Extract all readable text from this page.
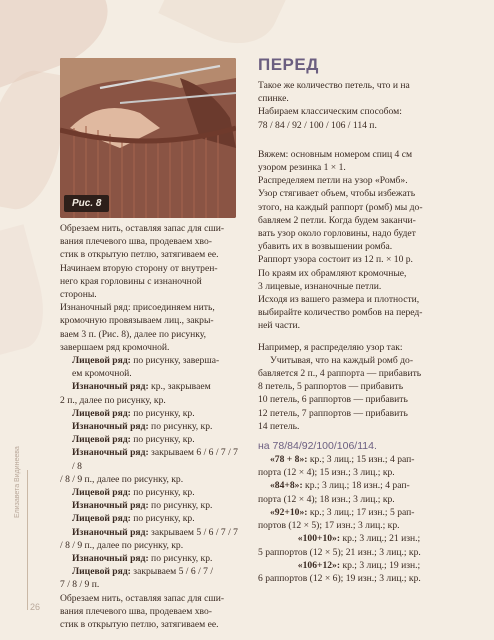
Рис. 8

Обрезаем нить, оставляя запас для сши-

вания плечевого шва, продеваем хво-

стик в открытую петлю, затягиваем ее.

Начинаем вторую сторону от внутрен-

него края горловины с изнаночной

стороны.

Изнаночный ряд: присоединяем нить,

кромочную провязываем лиц., закры-

ваем 3 п. (Рис. 8), далее по рисунку,

завершаем ряд кромочной.

Лицевой ряд: по рисунку, заверша-

ем кромочной.

Изнаночный ряд: кр., закрываем

2 п., далее по рисунку, кр.

Лицевой ряд: по рисунку, кр.

Изнаночный ряд: по рисунку, кр.

Лицевой ряд: по рисунку, кр.

Изнаночный ряд: закрываем 6 / 6 / 7 / 7 / 8

/ 8 / 9 п., далее по рисунку, кр.

Лицевой ряд: по рисунку, кр.

Изнаночный ряд: по рисунку, кр.

Лицевой ряд: по рисунку, кр.

Изнаночный ряд: закрываем 5 / 6 / 7 / 7

/ 8 / 9 п., далее по рисунку, кр.

Изнаночный ряд: по рисунку, кр.

Лицевой ряд: закрываем 5 / 6 / 7 /

7 / 8 / 9 п.

Обрезаем нить, оставляя запас для сши-

вания плечевого шва, продеваем хво-

стик в открытую петлю, затягиваем ее.

ПЕРЕД

Такое же количество петель, что и на

спинке.

Набираем классическим способом:

78 / 84 / 92 / 100 / 106 / 114 п.

Вяжем: основным номером спиц 4 см

узором резинка 1 × 1.

Распределяем петли на узор «Ромб».

Узор стягивает объем, чтобы избежать

этого, на каждый раппорт (ромб) мы до-

бавляем 2 петли. Когда будем заканчи-

вать узор около горловины, надо будет

убавить их в возвышении ромба.

Раппорт узора состоит из 12 п. × 10 р.

По краям их обрамляют кромочные,

3 лицевые, изнаночные петли.

Исходя из вашего размера и плотности,

выбирайте количество ромбов на перед-

ней части.

Например, я распределяю узор так:

Учитывая, что на каждый ромб до-

бавляется 2 п., 4 раппорта — прибавить

8 петель, 5 раппортов — прибавить

10 петель, 6 раппортов — прибавить

12 петель, 7 раппортов — прибавить

14 петель.

на 78/84/92/100/106/114.

«78 + 8»: кр.; 3 лиц.; 15 изн.; 4 рап-

порта (12 × 4); 15 изн.; 3 лиц.; кр.

«84+8»: кр.; 3 лиц.; 18 изн.; 4 рап-

порта (12 × 4); 18 изн.; 3 лиц.; кр.

«92+10»: кр.; 3 лиц.; 17 изн.; 5 рап-

портов (12 × 5); 17 изн.; 3 лиц.; кр.

«100+10»: кр.; 3 лиц.; 21 изн.;

5 раппортов (12 × 5); 21 изн.; 3 лиц.; кр.

«106+12»: кр.; 3 лиц.; 19 изн.;

6 раппортов (12 × 6); 19 изн.; 3 лиц.; кр.

Елизавета Видинеева
26
